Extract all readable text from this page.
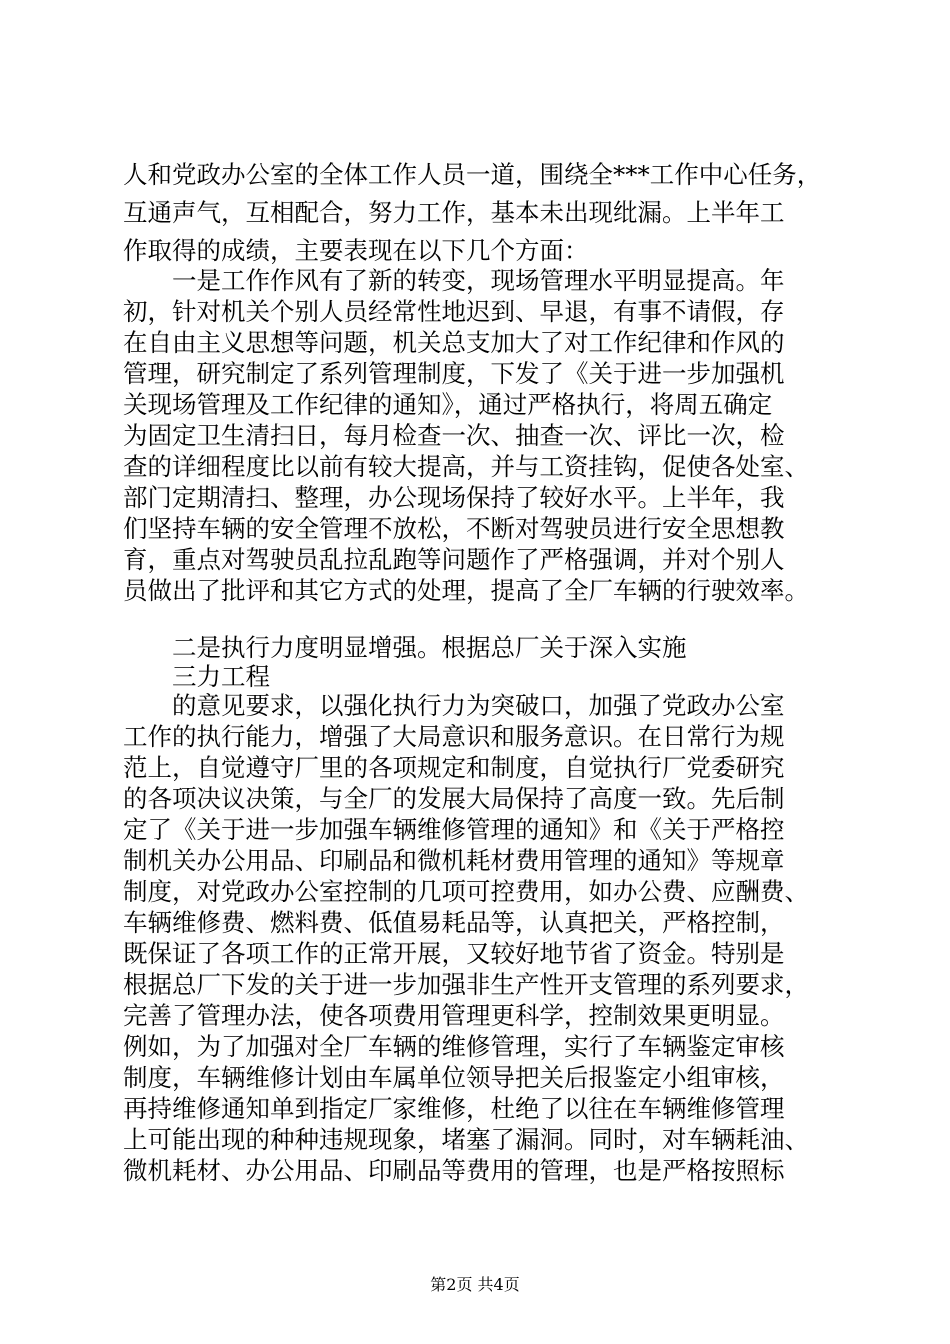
人和党政办公室的全体工作人员一道，围绕全***工作中心任务，
互通声气，互相配合，努力工作，基本未出现纰漏。上半年工
作取得的成绩，主要表现在以下几个方面：
　　一是工作作风有了新的转变，现场管理水平明显提高。年
初，针对机关个别人员经常性地迟到、早退，有事不请假，存
在自由主义思想等问题，机关总支加大了对工作纪律和作风的
管理，研究制定了系列管理制度，下发了《关于进一步加强机
关现场管理及工作纪律的通知》，通过严格执行，将周五确定
为固定卫生清扫日，每月检查一次、抽查一次、评比一次，检
查的详细程度比以前有较大提高，并与工资挂钩，促使各处室、
部门定期清扫、整理，办公现场保持了较好水平。上半年，我
们坚持车辆的安全管理不放松，不断对驾驶员进行安全思想教
育，重点对驾驶员乱拉乱跑等问题作了严格强调，并对个别人
员做出了批评和其它方式的处理，提高了全厂车辆的行驶效率。
　　二是执行力度明显增强。根据总厂关于深入实施
　　三力工程
　　的意见要求，以强化执行力为突破口，加强了党政办公室
工作的执行能力，增强了大局意识和服务意识。在日常行为规
范上，自觉遵守厂里的各项规定和制度，自觉执行厂党委研究
的各项决议决策，与全厂的发展大局保持了高度一致。先后制
定了《关于进一步加强车辆维修管理的通知》和《关于严格控
制机关办公用品、印刷品和微机耗材费用管理的通知》等规章
制度，对党政办公室控制的几项可控费用，如办公费、应酬费、
车辆维修费、燃料费、低值易耗品等，认真把关，严格控制，
既保证了各项工作的正常开展，又较好地节省了资金。特别是
根据总厂下发的关于进一步加强非生产性开支管理的系列要求，
完善了管理办法，使各项费用管理更科学，控制效果更明显。
例如，为了加强对全厂车辆的维修管理，实行了车辆鉴定审核
制度，车辆维修计划由车属单位领导把关后报鉴定小组审核，
再持维修通知单到指定厂家维修，杜绝了以往在车辆维修管理
上可能出现的种种违规现象，堵塞了漏洞。同时，对车辆耗油、
微机耗材、办公用品、印刷品等费用的管理，也是严格按照标
第2页 共4页
